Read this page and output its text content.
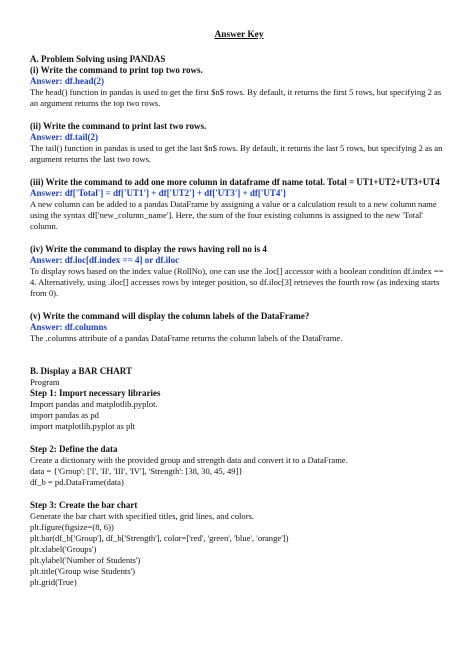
Answer Key

A. Problem Solving using PANDAS

(i) Write the command to print top two rows.

Answer: df.head(2)

The head() function in pandas is used to get the first $n$ rows. By default, it returns the first 5 rows, but specifying 2 as an argument returns the top two rows.

(ii) Write the command to print last two rows.

Answer: df.tail(2)

The tail() function in pandas is used to get the last $n$ rows. By default, it returns the last 5 rows, but specifying 2 as an argument returns the last two rows.

(iii) Write the command to add one more column in dataframe df name total. Total = UT1+UT2+UT3+UT4

Answer: df['Total'] = df['UT1'] + df['UT2'] + df['UT3'] + df['UT4']

A new column can be added to a pandas DataFrame by assigning a value or a calculation result to a new column name using the syntax df['new_column_name']. Here, the sum of the four existing columns is assigned to the new 'Total' column.

(iv) Write the command to display the rows having roll no is 4

Answer: df.loc[df.index == 4] or df.iloc

To display rows based on the index value (RollNo), one can use the .loc[] accessor with a boolean condition df.index == 4. Alternatively, using .iloc[] accesses rows by integer position, so df.iloc[3] retrieves the fourth row (as indexing starts from 0).

(v) Write the command will display the column labels of the DataFrame?

Answer: df.columns

The .columns attribute of a pandas DataFrame returns the column labels of the DataFrame.

B. Display a BAR CHART

Program

Step 1: Import necessary libraries

Import pandas and matplotlib.pyplot.

import pandas as pd

import matplotlib.pyplot as plt

Step 2: Define the data

Create a dictionary with the provided group and strength data and convert it to a DataFrame.

data = {'Group': ['I', 'II', 'III', 'IV'], 'Strength': [38, 30, 45, 49]}

df_b = pd.DataFrame(data)

Step 3: Create the bar chart

Generate the bar chart with specified titles, grid lines, and colors.

plt.figure(figsize=(8, 6))

plt.bar(df_b['Group'], df_b['Strength'], color=['red', 'green', 'blue', 'orange'])

plt.xlabel('Groups')

plt.ylabel('Number of Students')

plt.title('Group wise Students')

plt.grid(True)
